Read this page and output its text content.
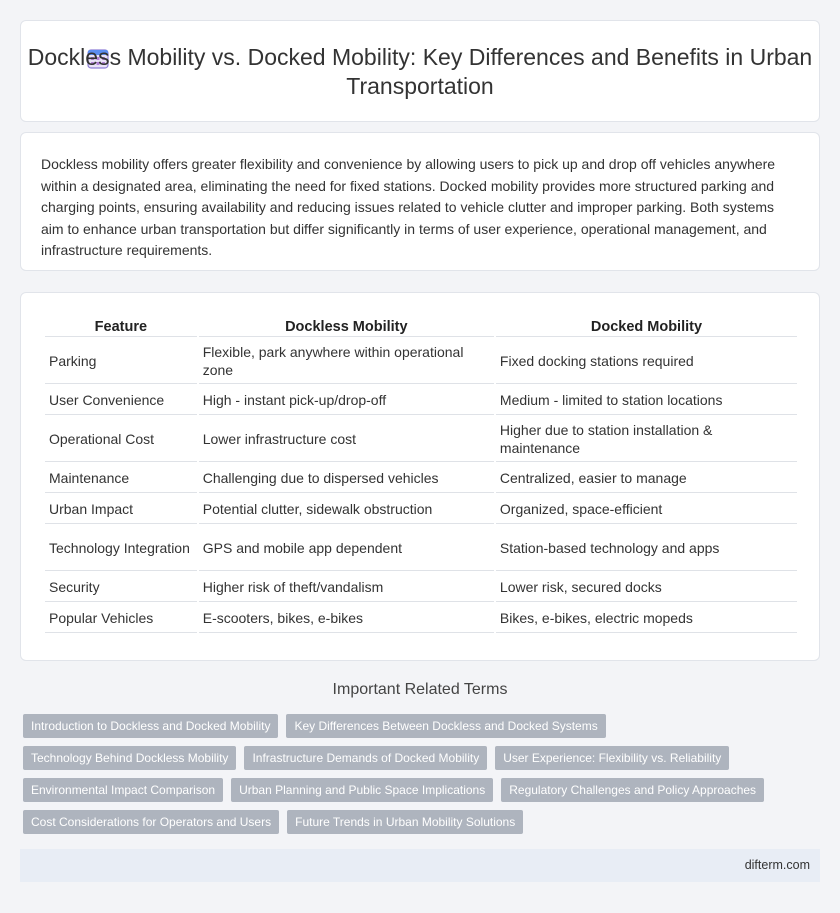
Dockless Mobility vs. Docked Mobility: Key Differences and Benefits in Urban Transportation

Dockless mobility offers greater flexibility and convenience by allowing users to pick up and drop off vehicles anywhere within a designated area, eliminating the need for fixed stations. Docked mobility provides more structured parking and charging points, ensuring availability and reducing issues related to vehicle clutter and improper parking. Both systems aim to enhance urban transportation but differ significantly in terms of user experience, operational management, and infrastructure requirements.

Feature	Dockless Mobility	Docked Mobility
Parking	Flexible, park anywhere within operational zone	Fixed docking stations required
User Convenience	High - instant pick-up/drop-off	Medium - limited to station locations
Operational Cost	Lower infrastructure cost	Higher due to station installation & maintenance
Maintenance	Challenging due to dispersed vehicles	Centralized, easier to manage
Urban Impact	Potential clutter, sidewalk obstruction	Organized, space-efficient
Technology Integration	GPS and mobile app dependent	Station-based technology and apps
Security	Higher risk of theft/vandalism	Lower risk, secured docks
Popular Vehicles	E-scooters, bikes, e-bikes	Bikes, e-bikes, electric mopeds
Important Related Terms
Introduction to Dockless and Docked Mobility	Key Differences Between Dockless and Docked Systems
Technology Behind Dockless Mobility	Infrastructure Demands of Docked Mobility	User Experience: Flexibility vs. Reliability
Environmental Impact Comparison	Urban Planning and Public Space Implications	Regulatory Challenges and Policy Approaches
Cost Considerations for Operators and Users	Future Trends in Urban Mobility Solutions
difterm.com
